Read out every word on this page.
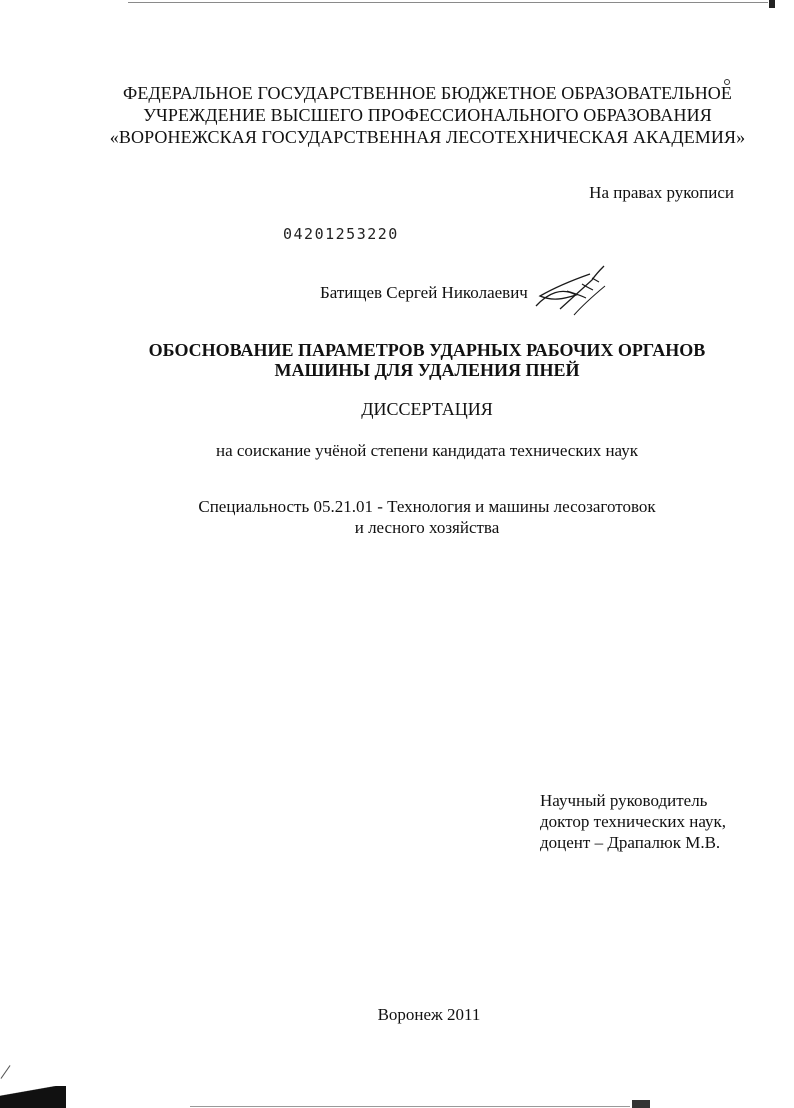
ФЕДЕРАЛЬНОЕ ГОСУДАРСТВЕННОЕ БЮДЖЕТНОЕ ОБРАЗОВАТЕЛЬНОЕ
УЧРЕЖДЕНИЕ ВЫСШЕГО ПРОФЕССИОНАЛЬНОГО ОБРАЗОВАНИЯ
«ВОРОНЕЖСКАЯ ГОСУДАРСТВЕННАЯ ЛЕСОТЕХНИЧЕСКАЯ АКАДЕМИЯ»
На правах рукописи
04201253220
Батищев Сергей Николаевич
ОБОСНОВАНИЕ ПАРАМЕТРОВ УДАРНЫХ РАБОЧИХ ОРГАНОВ
МАШИНЫ ДЛЯ УДАЛЕНИЯ ПНЕЙ
ДИССЕРТАЦИЯ
на соискание учёной степени кандидата технических наук
Специальность 05.21.01 - Технология и машины лесозаготовок
и лесного хозяйства
Научный руководитель
доктор технических наук,
доцент – Драпалюк М.В.
Воронеж 2011
